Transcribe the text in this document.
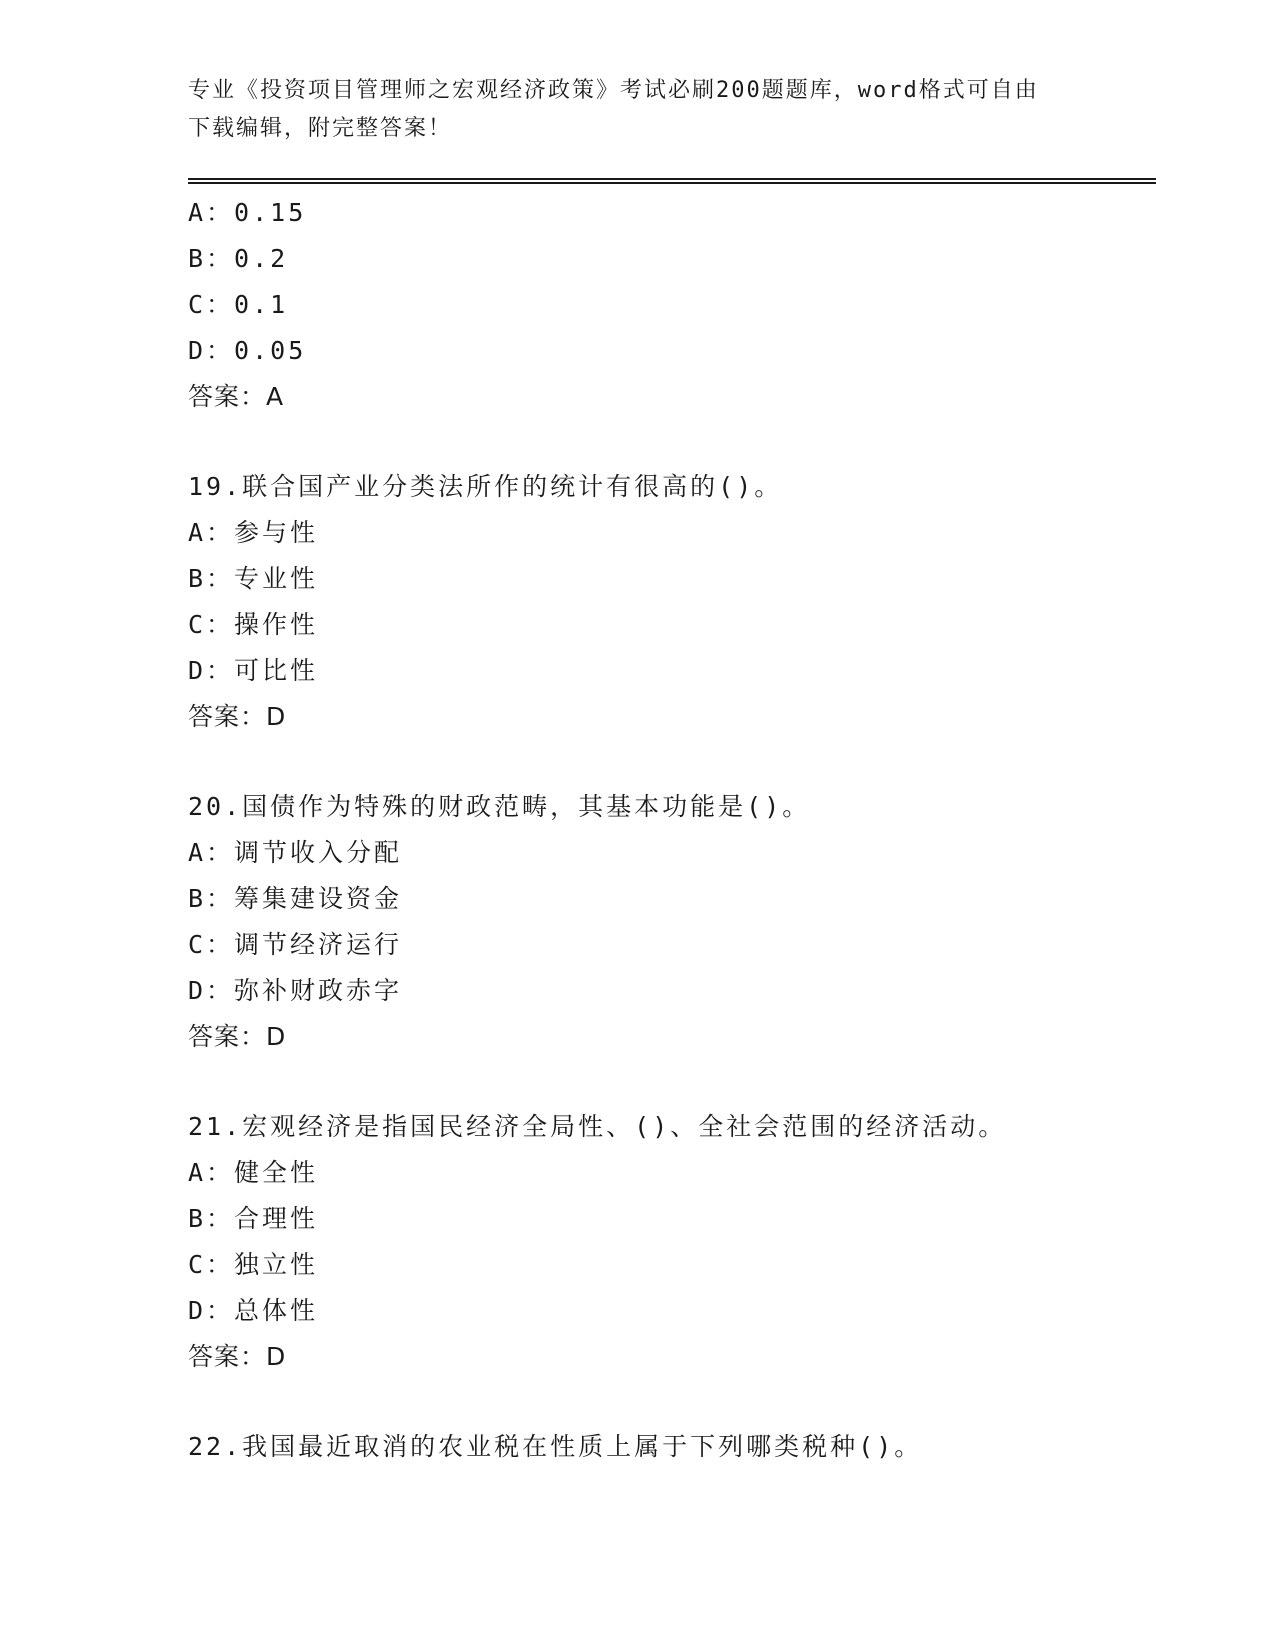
专业《投资项目管理师之宏观经济政策》考试必刷200题题库，word格式可自由
下载编辑，附完整答案！
A：0.15
B：0.2
C：0.1
D：0.05
答案：A
19.联合国产业分类法所作的统计有很高的()。
A：参与性
B：专业性
C：操作性
D：可比性
答案：D
20.国债作为特殊的财政范畴，其基本功能是()。
A：调节收入分配
B：筹集建设资金
C：调节经济运行
D：弥补财政赤字
答案：D
21.宏观经济是指国民经济全局性、()、全社会范围的经济活动。
A：健全性
B：合理性
C：独立性
D：总体性
答案：D
22.我国最近取消的农业税在性质上属于下列哪类税种()。
